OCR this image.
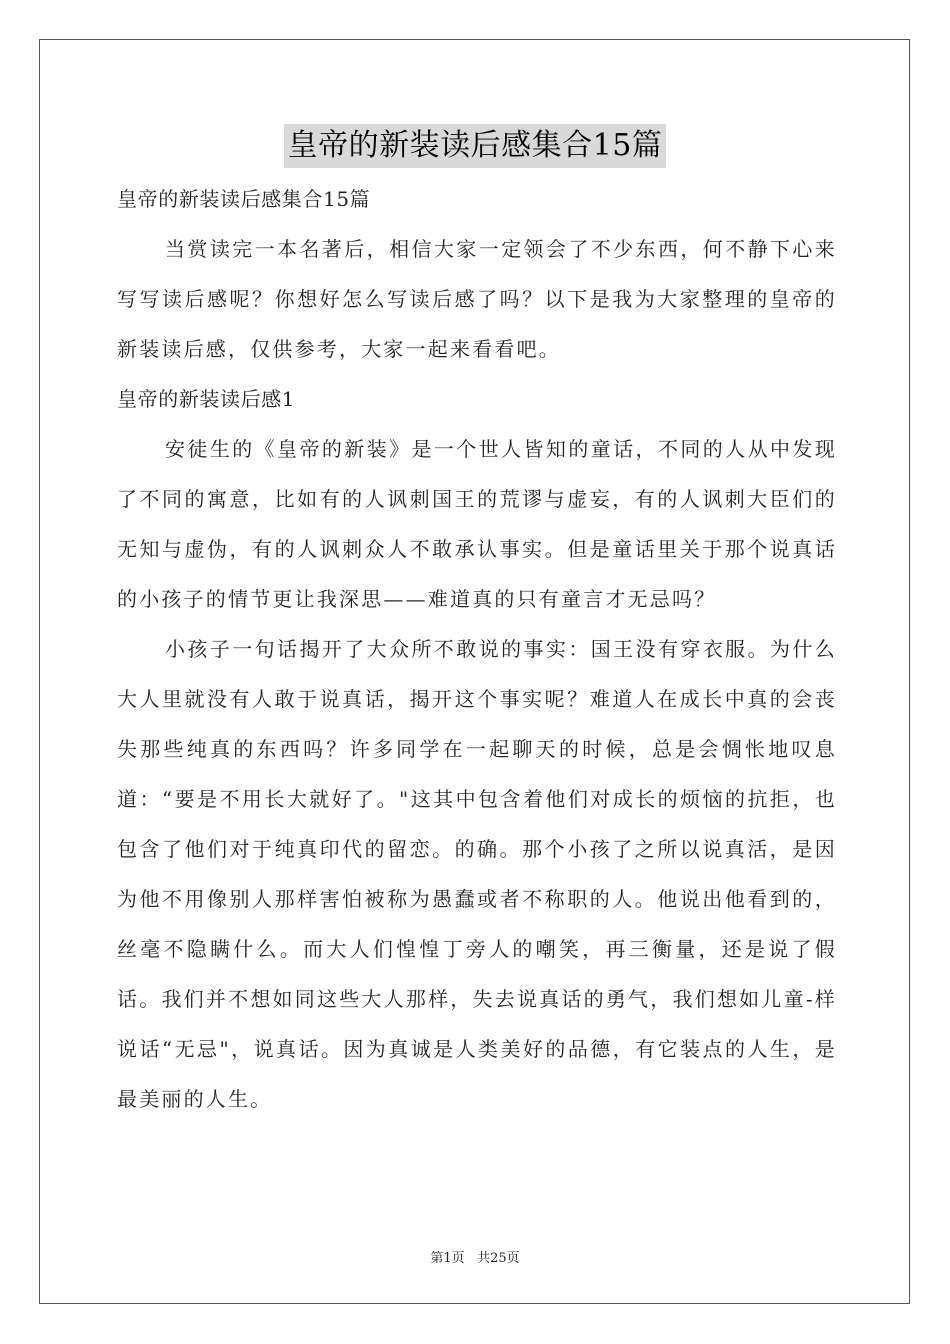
皇帝的新装读后感集合15篇

皇帝的新装读后感集合15篇

当赏读完一本名著后，相信大家一定领会了不少东西，何不静下心来写写读后感呢？你想好怎么写读后感了吗？以下是我为大家整理的皇帝的新装读后感，仅供参考，大家一起来看看吧。

皇帝的新装读后感1

安徒生的《皇帝的新装》是一个世人皆知的童话，不同的人从中发现了不同的寓意，比如有的人讽刺国王的荒谬与虚妄，有的人讽刺大臣们的无知与虚伪，有的人讽刺众人不敢承认事实。但是童话里关于那个说真话的小孩子的情节更让我深思——难道真的只有童言才无忌吗？

小孩子一句话揭开了大众所不敢说的事实：国王没有穿衣服。为什么大人里就没有人敢于说真话，揭开这个事实呢？难道人在成长中真的会丧失那些纯真的东西吗？许多同学在一起聊天的时候，总是会惆怅地叹息道：“要是不用长大就好了。"这其中包含着他们对成长的烦恼的抗拒，也包含了他们对于纯真印代的留恋。的确。那个小孩了之所以说真活，是因为他不用像别人那样害怕被称为愚蠢或者不称职的人。他说出他看到的，丝毫不隐瞒什么。而大人们惶惶丁旁人的嘲笑，再三衡量，还是说了假话。我们并不想如同这些大人那样，失去说真话的勇气，我们想如儿童-样说话“无忌"，说真话。因为真诚是人类美好的品德，有它装点的人生，是最美丽的人生。

第1页 共25页
